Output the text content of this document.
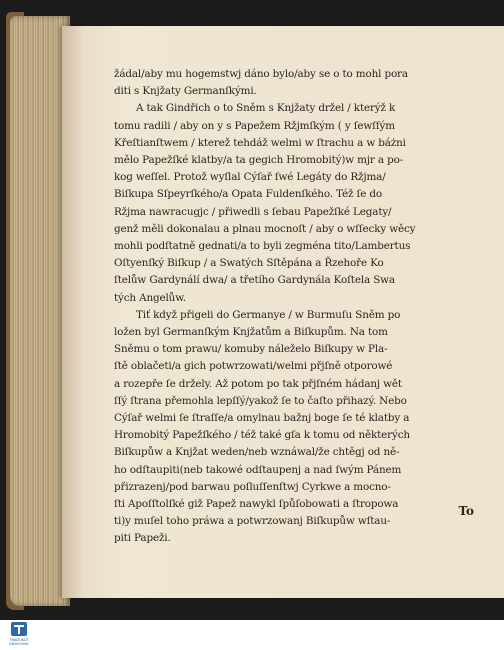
žádal/aby mu hogemstwj dáno bylo/aby se o to mohl pora
diti s Knjžaty Germanſkými.
A tak Gindřich o to Sněm s Knjžaty držel / kterýž k
tomu radili / aby on y s Papežem Ržjmſkým ( y ſewſſým
Křeſtianſtwem / kterež tehdáž welmi w ſtrachu a w báżni
mělo Papežſké klatby/a ta gegich Hromobitý)w mjr a po-
kog weſſel. Protož wyſlal Cýſař ſwé Legáty do Ržjma/
Biſkupa Sſpeyrſkého/a Opata Fuldenſkého. Též ſe do
Ržjma nawracugjc / přiwedli s ſebau Papežſké Legaty/
genž měli dokonalau a plnau mocnoſt / aby o wſſecky wěcy
mohli podſtatně gednati/a to byli zegména tito/Lambertus
Oſtyenſký Biſkup / a Swatých Sſtěpána a Řzehoře Ko
ſtelůw Gardynálí dwa/ a třetího Gardynála Koſtela Swa
tých Angelůw.
Tiť když přigeli do Germanye / w Burmuſu Sněm po
ložen byl Germanſkým Knjžatům a Biſkupům. Na tom
Sněmu o tom prawu/ komuby náleželo Biſkupy w Pla-
ſtě oblačeti/a gich potwrzowati/welmi přjſně otporowé
a rozepře ſe držely. Až potom po tak přjſném hádanj wět
ſſý ſtrana přemohla lepſſý/yakož ſe to čaſto přihazý. Nebo
Cýſař welmi ſe ſtraſſe/a omylnau bažnj boge ſe té klatby a
Hromobitý Papežſkého / též také gſa k tomu od některých
Biſkupůw a Knjžat weden/neb wznáwal/že chtěgj od ně-
ho odſtaupiti(neb takowé odſtaupenj a nad ſwým Pánem
přizrazenj/pod barwau poſluſſenſtwj Cyrkwe a mocno-
ſti Apoſſtolſké giž Papež nawykl ſpůſobowati a ſtropowa
ti)y muſel toho práwa a potwrzowanj Biſkupůw wſtau-
piti Papeži.
To
TRADUKCE
KNIHOVNA
